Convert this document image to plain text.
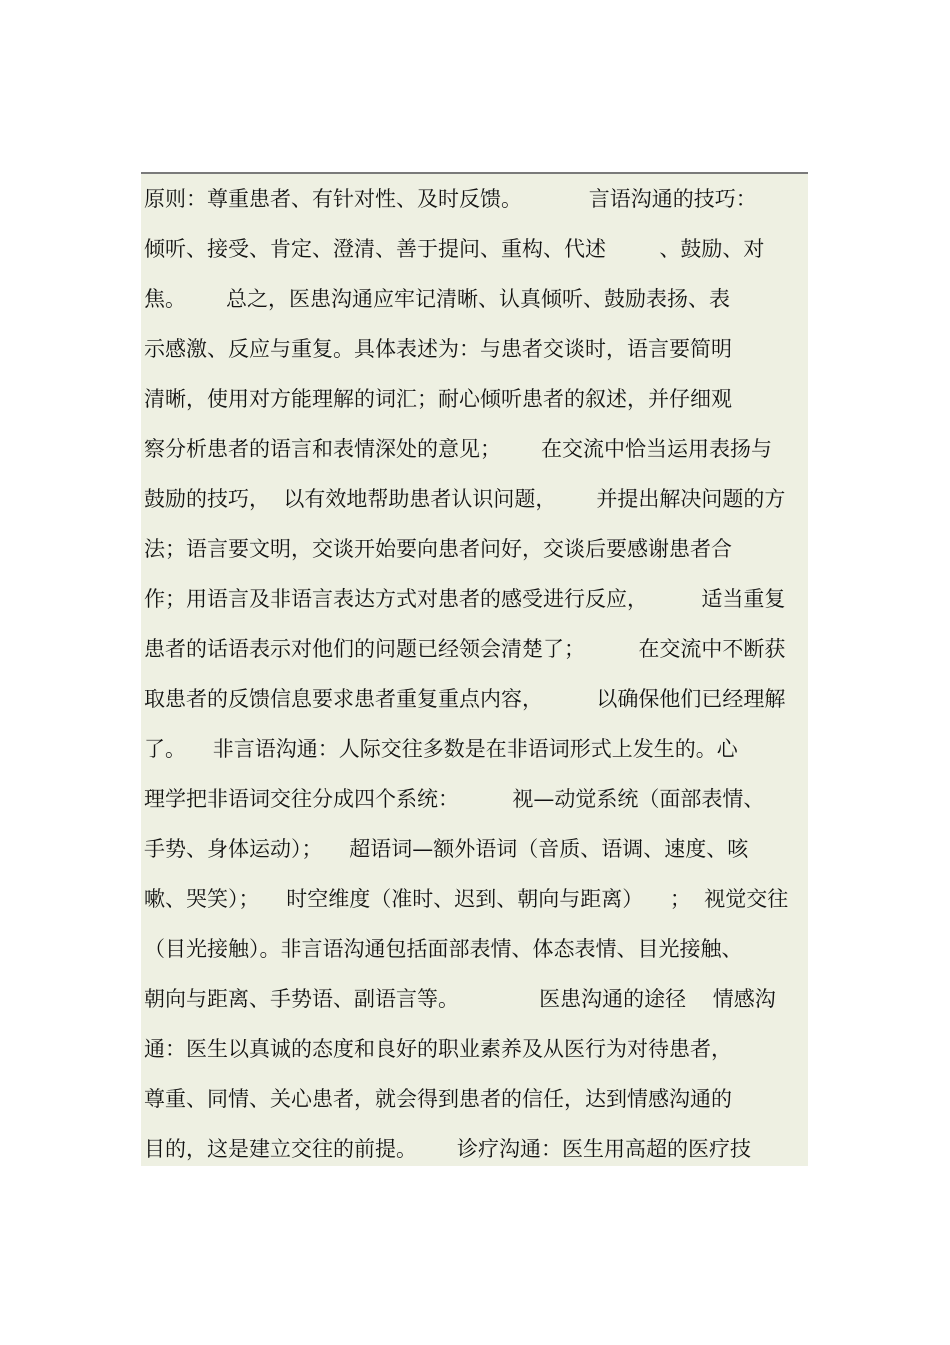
原则：尊重患者、有针对性、及时反馈。          言语沟通的技巧：
倾听、接受、肯定、澄清、善于提问、重构、代述        、鼓励、对
焦。      总之，医患沟通应牢记清晰、认真倾听、鼓励表扬、表
示感激、反应与重复。具体表述为：与患者交谈时，语言要简明
清晰，使用对方能理解的词汇；耐心倾听患者的叙述，并仔细观
察分析患者的语言和表情深处的意见；      在交流中恰当运用表扬与
鼓励的技巧，  以有效地帮助患者认识问题，      并提出解决问题的方
法；语言要文明，交谈开始要向患者问好，交谈后要感谢患者合
作；用语言及非语言表达方式对患者的感受进行反应，        适当重复
患者的话语表示对他们的问题已经领会清楚了；        在交流中不断获
取患者的反馈信息要求患者重复重点内容，        以确保他们已经理解
了。    非言语沟通：人际交往多数是在非语词形式上发生的。心
理学把非语词交往分成四个系统：        视—动觉系统（面部表情、
手势、身体运动）；    超语词—额外语词（音质、语调、速度、咳
嗽、哭笑）；    时空维度（准时、迟到、朝向与距离）    ；  视觉交往
（目光接触）。非言语沟通包括面部表情、体态表情、目光接触、
朝向与距离、手势语、副语言等。            医患沟通的途径    情感沟
通：医生以真诚的态度和良好的职业素养及从医行为对待患者，
尊重、同情、关心患者，就会得到患者的信任，达到情感沟通的
目的，这是建立交往的前提。      诊疗沟通：医生用高超的医疗技
